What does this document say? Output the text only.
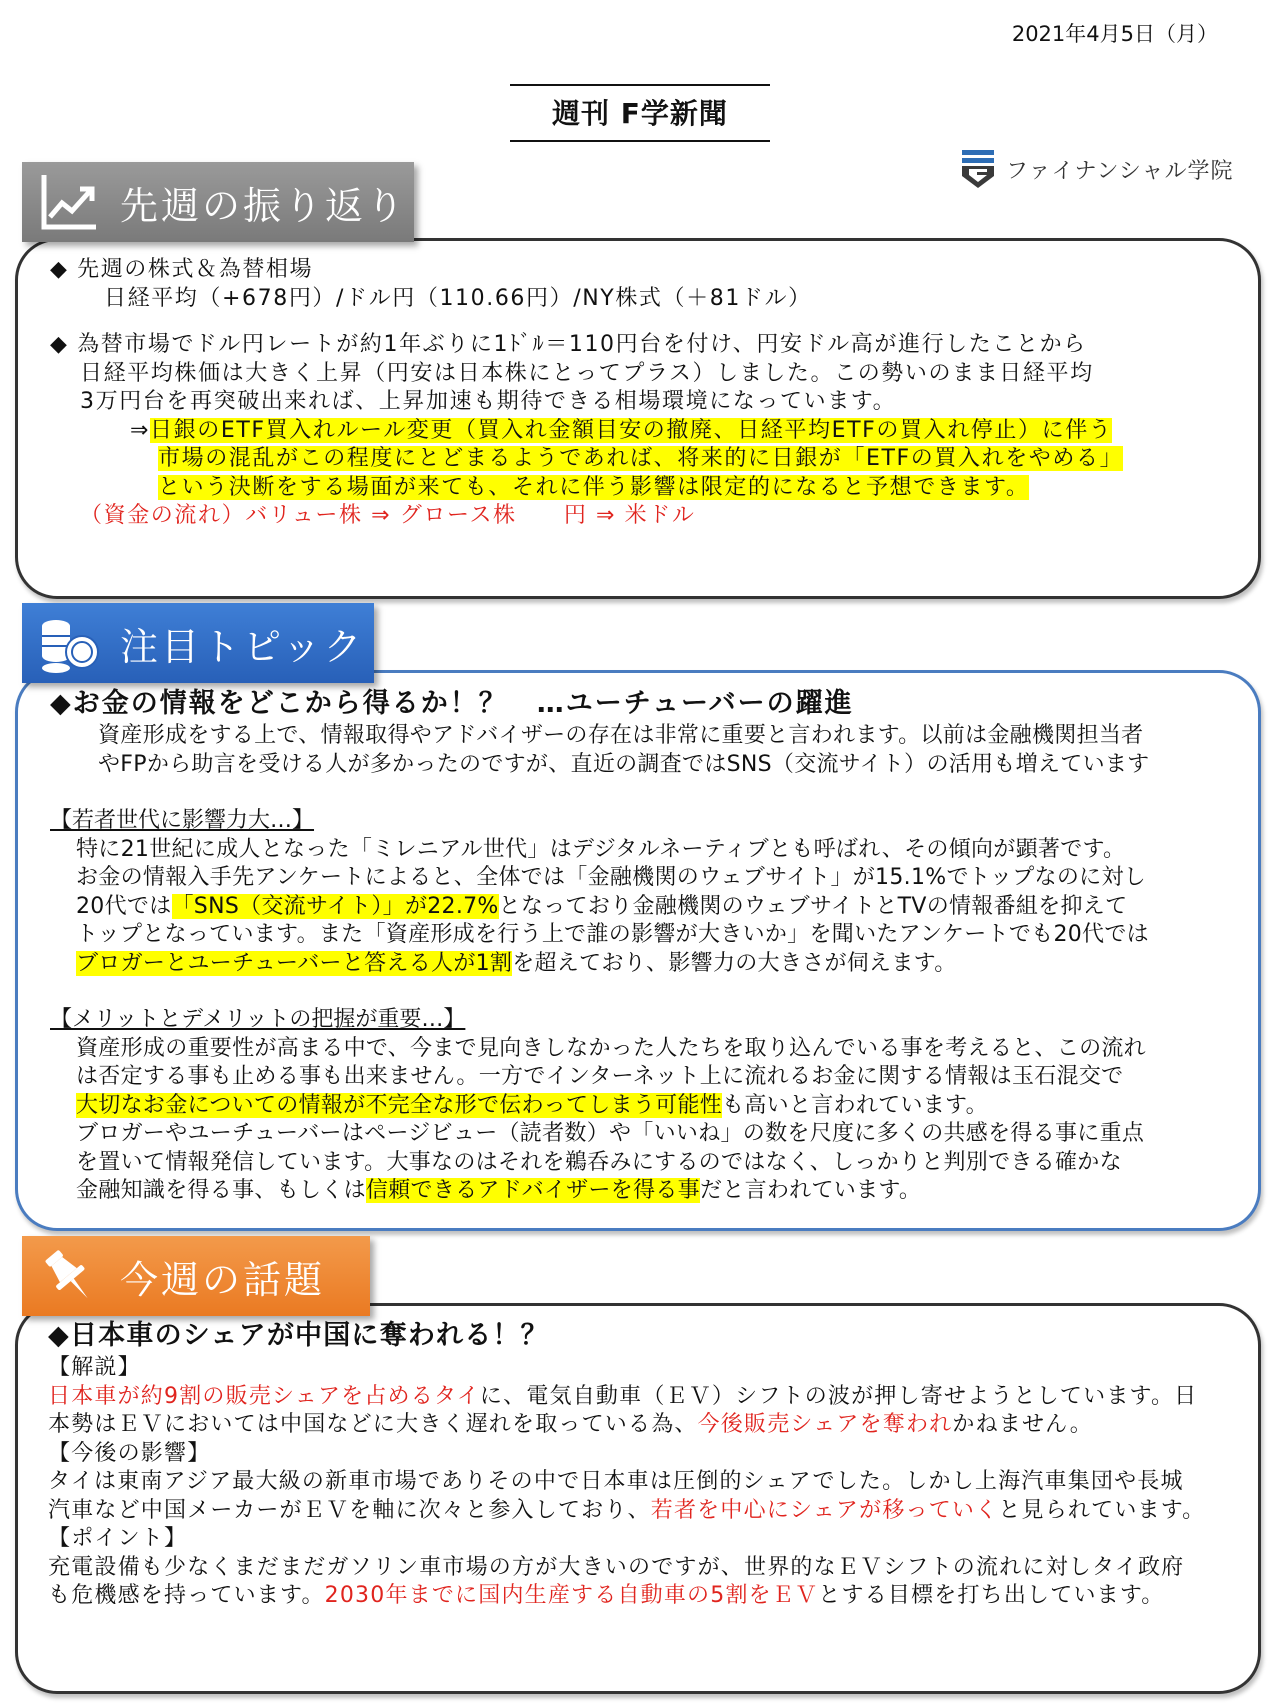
2021年4月5日（月）
週刊 F学新聞
ファイナンシャル学院
先週の振り返り

◆ 先週の株式＆為替相場

日経平均（+678円）/ドル円（110.66円）/NY株式（＋81ドル）

◆ 為替市場でドル円レートが約1年ぶりに1ﾄﾞﾙ＝110円台を付け、円安ドル高が進行したことから

日経平均株価は大きく上昇（円安は日本株にとってプラス）しました。この勢いのまま日経平均

3万円台を再突破出来れば、上昇加速も期待できる相場環境になっています。

⇒日銀のETF買入れルール変更（買入れ金額目安の撤廃、日経平均ETFの買入れ停止）に伴う

市場の混乱がこの程度にとどまるようであれば、将来的に日銀が「ETFの買入れをやめる」

という決断をする場面が来ても、それに伴う影響は限定的になると予想できます。

（資金の流れ）バリュー株 ⇒ グロース株　　円 ⇒ 米ドル

注目トピック

◆お金の情報をどこから得るか！？　…ユーチューバーの躍進

資産形成をする上で、情報取得やアドバイザーの存在は非常に重要と言われます。以前は金融機関担当者

やFPから助言を受ける人が多かったのですが、直近の調査ではSNS（交流サイト）の活用も増えています

【若者世代に影響力大…】

特に21世紀に成人となった「ミレニアル世代」はデジタルネーティブとも呼ばれ、その傾向が顕著です。

お金の情報入手先アンケートによると、全体では「金融機関のウェブサイト」が15.1%でトップなのに対し

20代では「SNS（交流サイト）」が22.7%となっており金融機関のウェブサイトとTVの情報番組を抑えて

トップとなっています。また「資産形成を行う上で誰の影響が大きいか」を聞いたアンケートでも20代では

ブロガーとユーチューバーと答える人が1割を超えており、影響力の大きさが伺えます。

【メリットとデメリットの把握が重要…】

資産形成の重要性が高まる中で、今まで見向きしなかった人たちを取り込んでいる事を考えると、この流れ

は否定する事も止める事も出来ません。一方でインターネット上に流れるお金に関する情報は玉石混交で

大切なお金についての情報が不完全な形で伝わってしまう可能性も高いと言われています。

ブロガーやユーチューバーはページビュー（読者数）や「いいね」の数を尺度に多くの共感を得る事に重点

を置いて情報発信しています。大事なのはそれを鵜呑みにするのではなく、しっかりと判別できる確かな

金融知識を得る事、もしくは信頼できるアドバイザーを得る事だと言われています。

今週の話題

◆日本車のシェアが中国に奪われる！？

【解説】

日本車が約9割の販売シェアを占めるタイに、電気自動車（ＥＶ）シフトの波が押し寄せようとしています。日

本勢はＥＶにおいては中国などに大きく遅れを取っている為、今後販売シェアを奪われかねません。

【今後の影響】

タイは東南アジア最大級の新車市場でありその中で日本車は圧倒的シェアでした。しかし上海汽車集団や長城

汽車など中国メーカーがＥＶを軸に次々と参入しており、若者を中心にシェアが移っていくと見られています。

【ポイント】

充電設備も少なくまだまだガソリン車市場の方が大きいのですが、世界的なＥＶシフトの流れに対しタイ政府

も危機感を持っています。2030年までに国内生産する自動車の5割をＥＶとする目標を打ち出しています。
